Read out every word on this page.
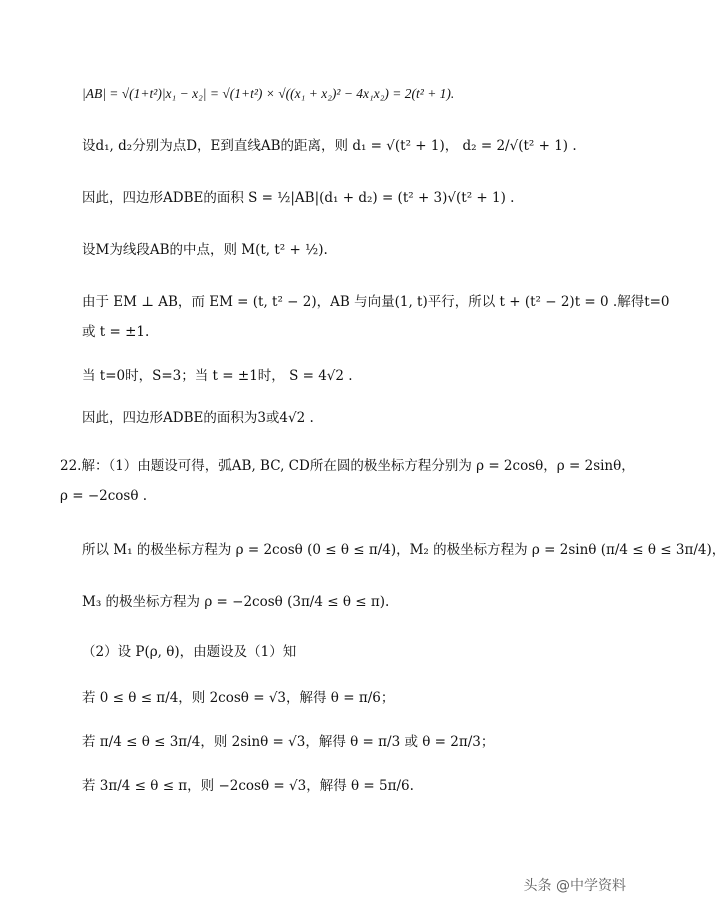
|AB| = √(1+t²)|x₁ − x₂| = √(1+t²) × √((x₁ + x₂)² − 4x₁x₂) = 2(t² + 1).
设d₁, d₂分别为点D，E到直线AB的距离，则 d₁ = √(t² + 1)， d₂ = 2/√(t² + 1) .
因此，四边形ADBE的面积 S = ½|AB|(d₁ + d₂) = (t² + 3)√(t² + 1) .
设M为线段AB的中点，则 M(t, t² + ½).
由于 EM ⊥ AB，而 EM = (t, t² − 2)，AB 与向量(1, t)平行，所以 t + (t² − 2)t = 0 .解得t=0
或 t = ±1.
当 t=0时，S=3；当 t = ±1时， S = 4√2 .
因此，四边形ADBE的面积为3或4√2 .
22.解：（1）由题设可得，弧AB, BC, CD所在圆的极坐标方程分别为 ρ = 2cosθ，ρ = 2sinθ，
ρ = −2cosθ .
所以 M₁ 的极坐标方程为 ρ = 2cosθ (0 ≤ θ ≤ π/4)，M₂ 的极坐标方程为 ρ = 2sinθ (π/4 ≤ θ ≤ 3π/4)，
M₃ 的极坐标方程为 ρ = −2cosθ (3π/4 ≤ θ ≤ π).
（2）设 P(ρ, θ)，由题设及（1）知
若 0 ≤ θ ≤ π/4，则 2cosθ = √3，解得 θ = π/6；
若 π/4 ≤ θ ≤ 3π/4，则 2sinθ = √3，解得 θ = π/3 或 θ = 2π/3；
若 3π/4 ≤ θ ≤ π，则 −2cosθ = √3，解得 θ = 5π/6.
头条 @中学资料
